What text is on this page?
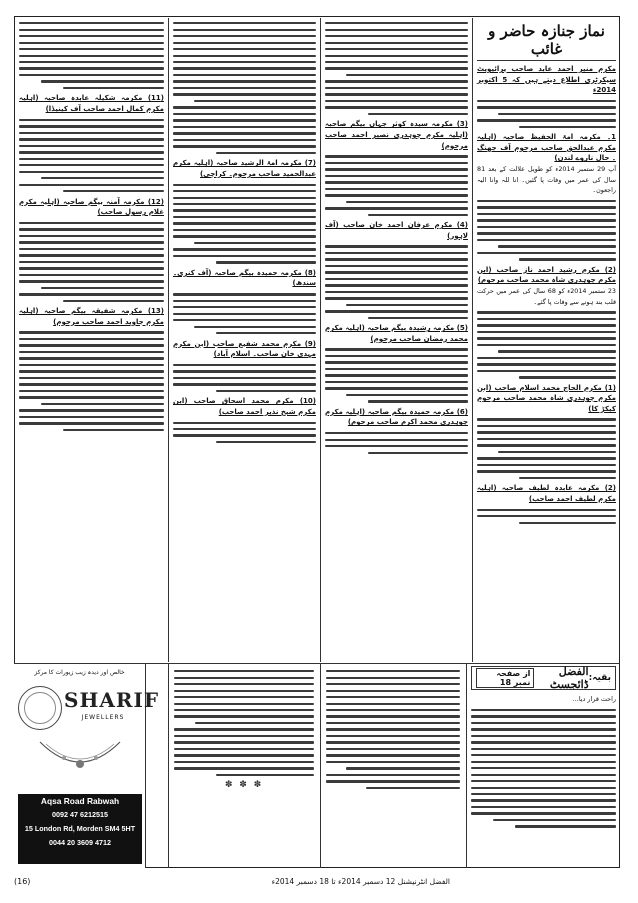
نماز جنازہ حاضر و غائب
مکرم منیر احمد عابد صاحب پرائیویٹ سیکرٹری اطلاع دیتے ہیں کہ 5 اکتوبر 2014ء
1۔ مکرمہ امۃ الحفیظ صاحبہ (اہلیہ مکرم عبدالحق صاحب مرحوم آف جھنگ ۔ حال ناروے لندن)
آپ 29 ستمبر 2014ء کو طویل علالت کے بعد 81 سال کی عمر میں وفات پا گئیں۔ انا للہ وانا الیہ راجعون۔
(2) مکرم رشید احمد ناز صاحب (ابن مکرم چوہدری شاہ محمد صاحب مرحوم)
23 ستمبر 2014ء کو 68 سال کی عمر میں حرکت قلب بند ہونے سے وفات پا گئے۔
(1) مکرم الحاج محمد اسلام صاحب (ابن مکرم چوہدری شاہ محمد صاحب مرحوم کیکڑ کا)
(2) مکرمہ عابدہ لطیف صاحبہ (اہلیہ مکرم لطیف احمد صاحب)
(3) مکرمہ سیدہ کوثر جہاں بیگم صاحبہ (اہلیہ مکرم چوہدری نصیر احمد صاحب مرحوم)
(4) مکرم عرفان احمد خان صاحب (آف لاہور)
(5) مکرمہ رشیدہ بیگم صاحبہ (اہلیہ مکرم محمد رمضان صاحب مرحوم)
(6) مکرمہ حمیدہ بیگم صاحبہ (اہلیہ مکرم چوہدری محمد اکرم صاحب مرحوم)
(7) مکرمہ امۃ الرشید صاحبہ (اہلیہ مکرم عبدالحمید صاحب مرحوم۔ کراچی)
(8) مکرمہ حمیدہ بیگم صاحبہ (آف کنری۔ سندھ)
(9) مکرم محمد شفیع صاحب (ابن مکرم مہدی خان صاحب۔ اسلام آباد)
(10) مکرم محمد اسحاق صاحب (ابن مکرم شیخ نذیر احمد صاحب)
(11) مکرمہ شکیلہ عابدہ صاحبہ (اہلیہ مکرم کمال احمد صاحب آف کینیڈا)
(12) مکرمہ آمنہ بیگم صاحبہ (اہلیہ مکرم غلام رسول صاحب)
(13) مکرمہ شفیقہ بیگم صاحبہ (اہلیہ مکرم جاوید احمد صاحب مرحوم)
بقیہ:
الفضل ڈائجسٹ
از صفحہ نمبر 18
راحت قرار دیا...
✽ ✽ ✽
خالص اور دیدہ زیب زیورات کا مرکز
SHARIF
JEWELLERS
Aqsa Road Rabwah
0092 47 6212515
15 London Rd, Morden SM4 5HT
0044 20 3609 4712
الفضل انٹرنیشنل 12 دسمبر 2014ء تا 18 دسمبر 2014ء
(16)
